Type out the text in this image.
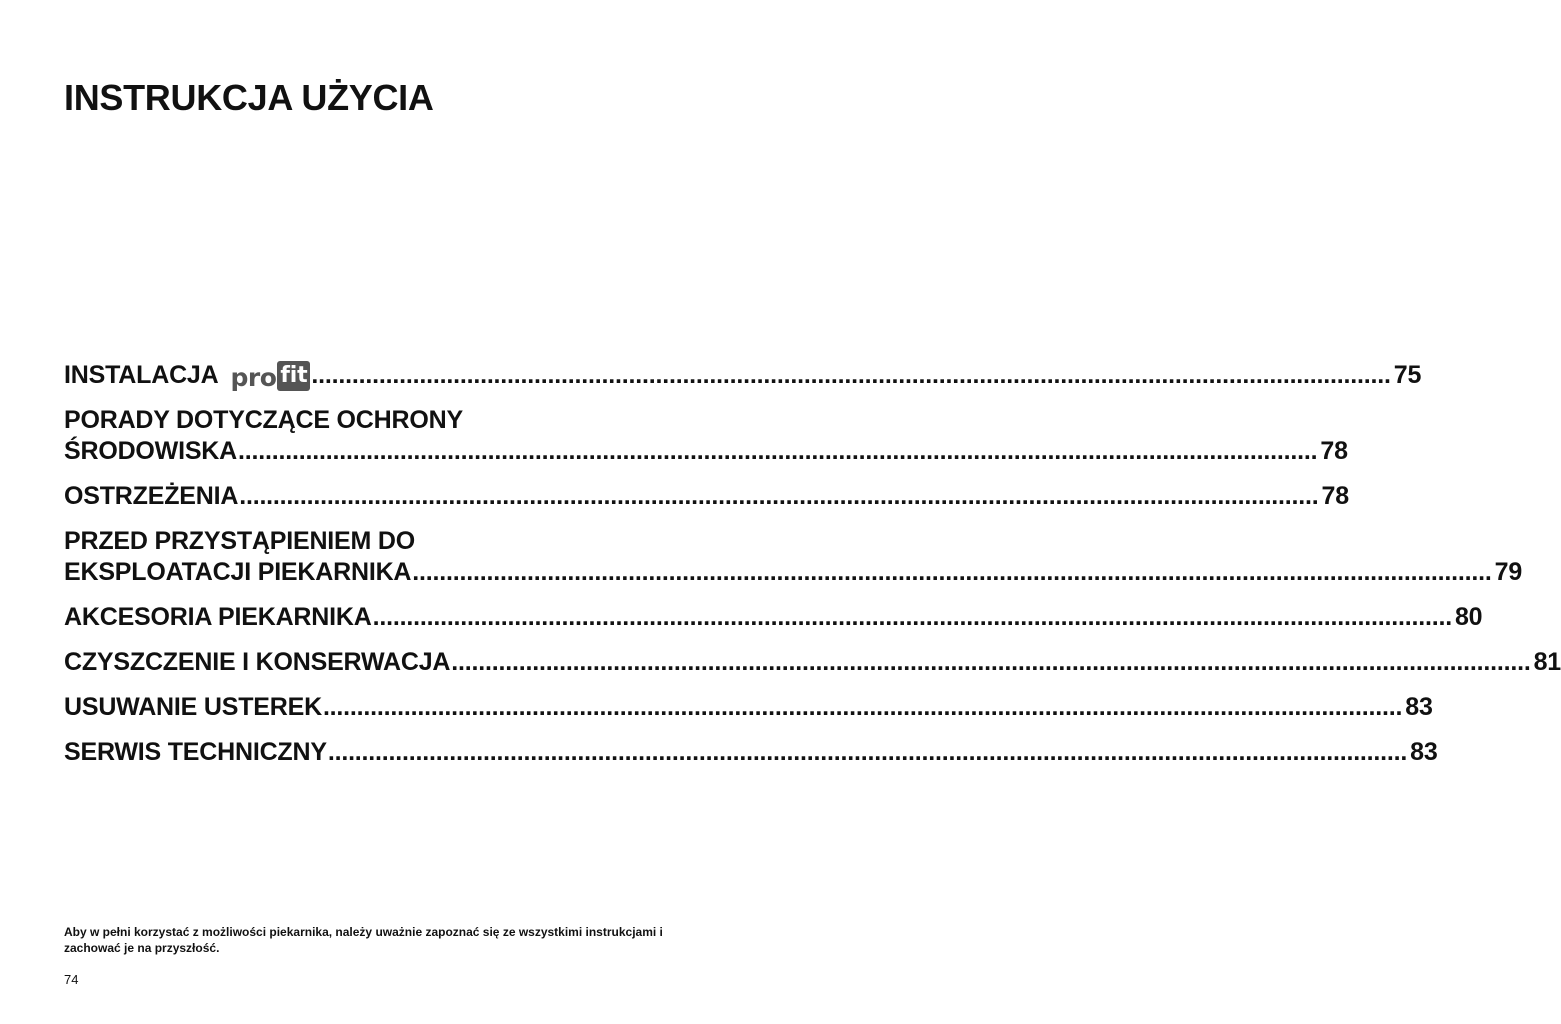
INSTRUKCJA UŻYCIA
INSTALACJA pro fit ................................................................................................................................................................ 75
PORADY DOTYCZĄCE OCHRONY
ŚRODOWISKA ................................................................................................................................................................ 78
OSTRZEŻENIA ................................................................................................................................................................ 78
PRZED PRZYSTĄPIENIEM DO
EKSPLOATACJI PIEKARNIKA ................................................................................................................................................................ 79
AKCESORIA PIEKARNIKA ................................................................................................................................................................ 80
CZYSZCZENIE I KONSERWACJA ................................................................................................................................................................ 81
USUWANIE USTEREK ................................................................................................................................................................ 83
SERWIS TECHNICZNY ................................................................................................................................................................ 83

Aby w pełni korzystać z możliwości piekarnika, należy uważnie zapoznać się ze wszystkimi instrukcjami i zachować je na przyszłość.

74
